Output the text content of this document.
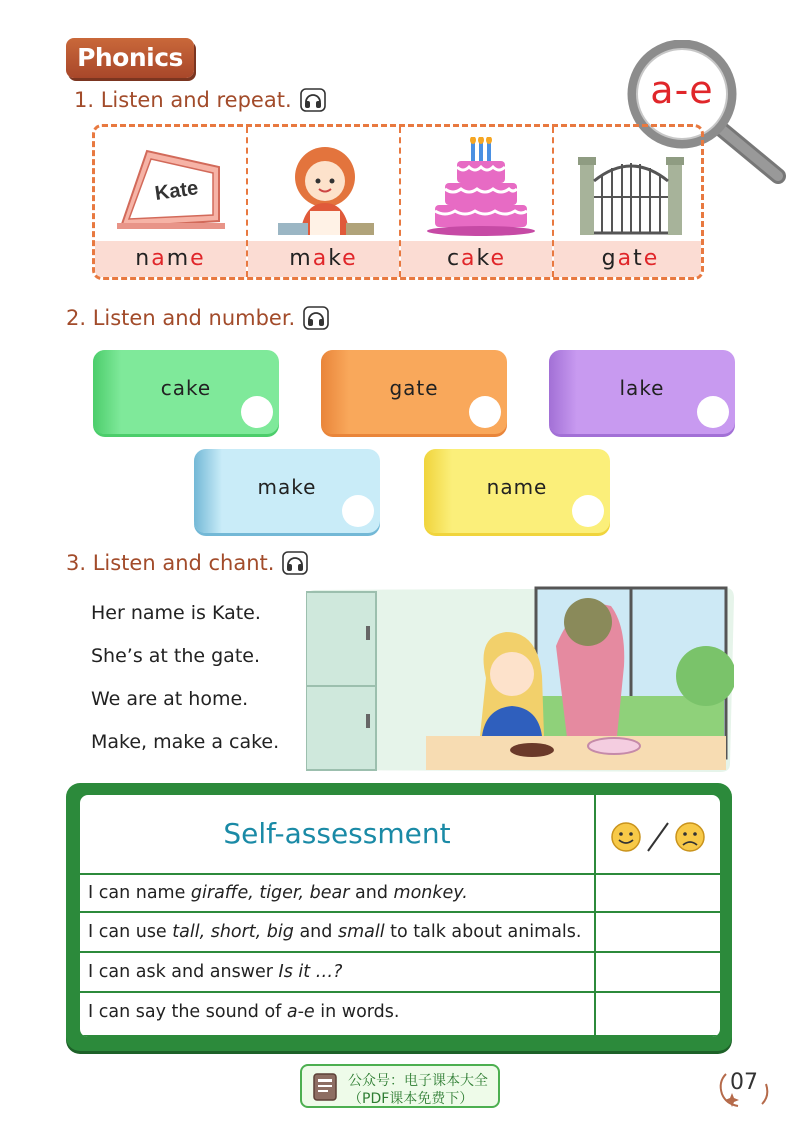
Phonics
a-e
1. Listen and repeat.
Kate
name	make	cake	gate
2. Listen and number.
cake	gate	lake
make	name
3. Listen and chant.
Her name is Kate.
She’s at the gate.
We are at home.
Make, make a cake.
Self-assessment
I can name giraffe, tiger, bear and monkey.
I can use tall, short, big and small to talk about animals.
I can ask and answer Is it …?
I can say the sound of a-e in words.
公众号：电子课本大全
（PDF课本免费下）
07
